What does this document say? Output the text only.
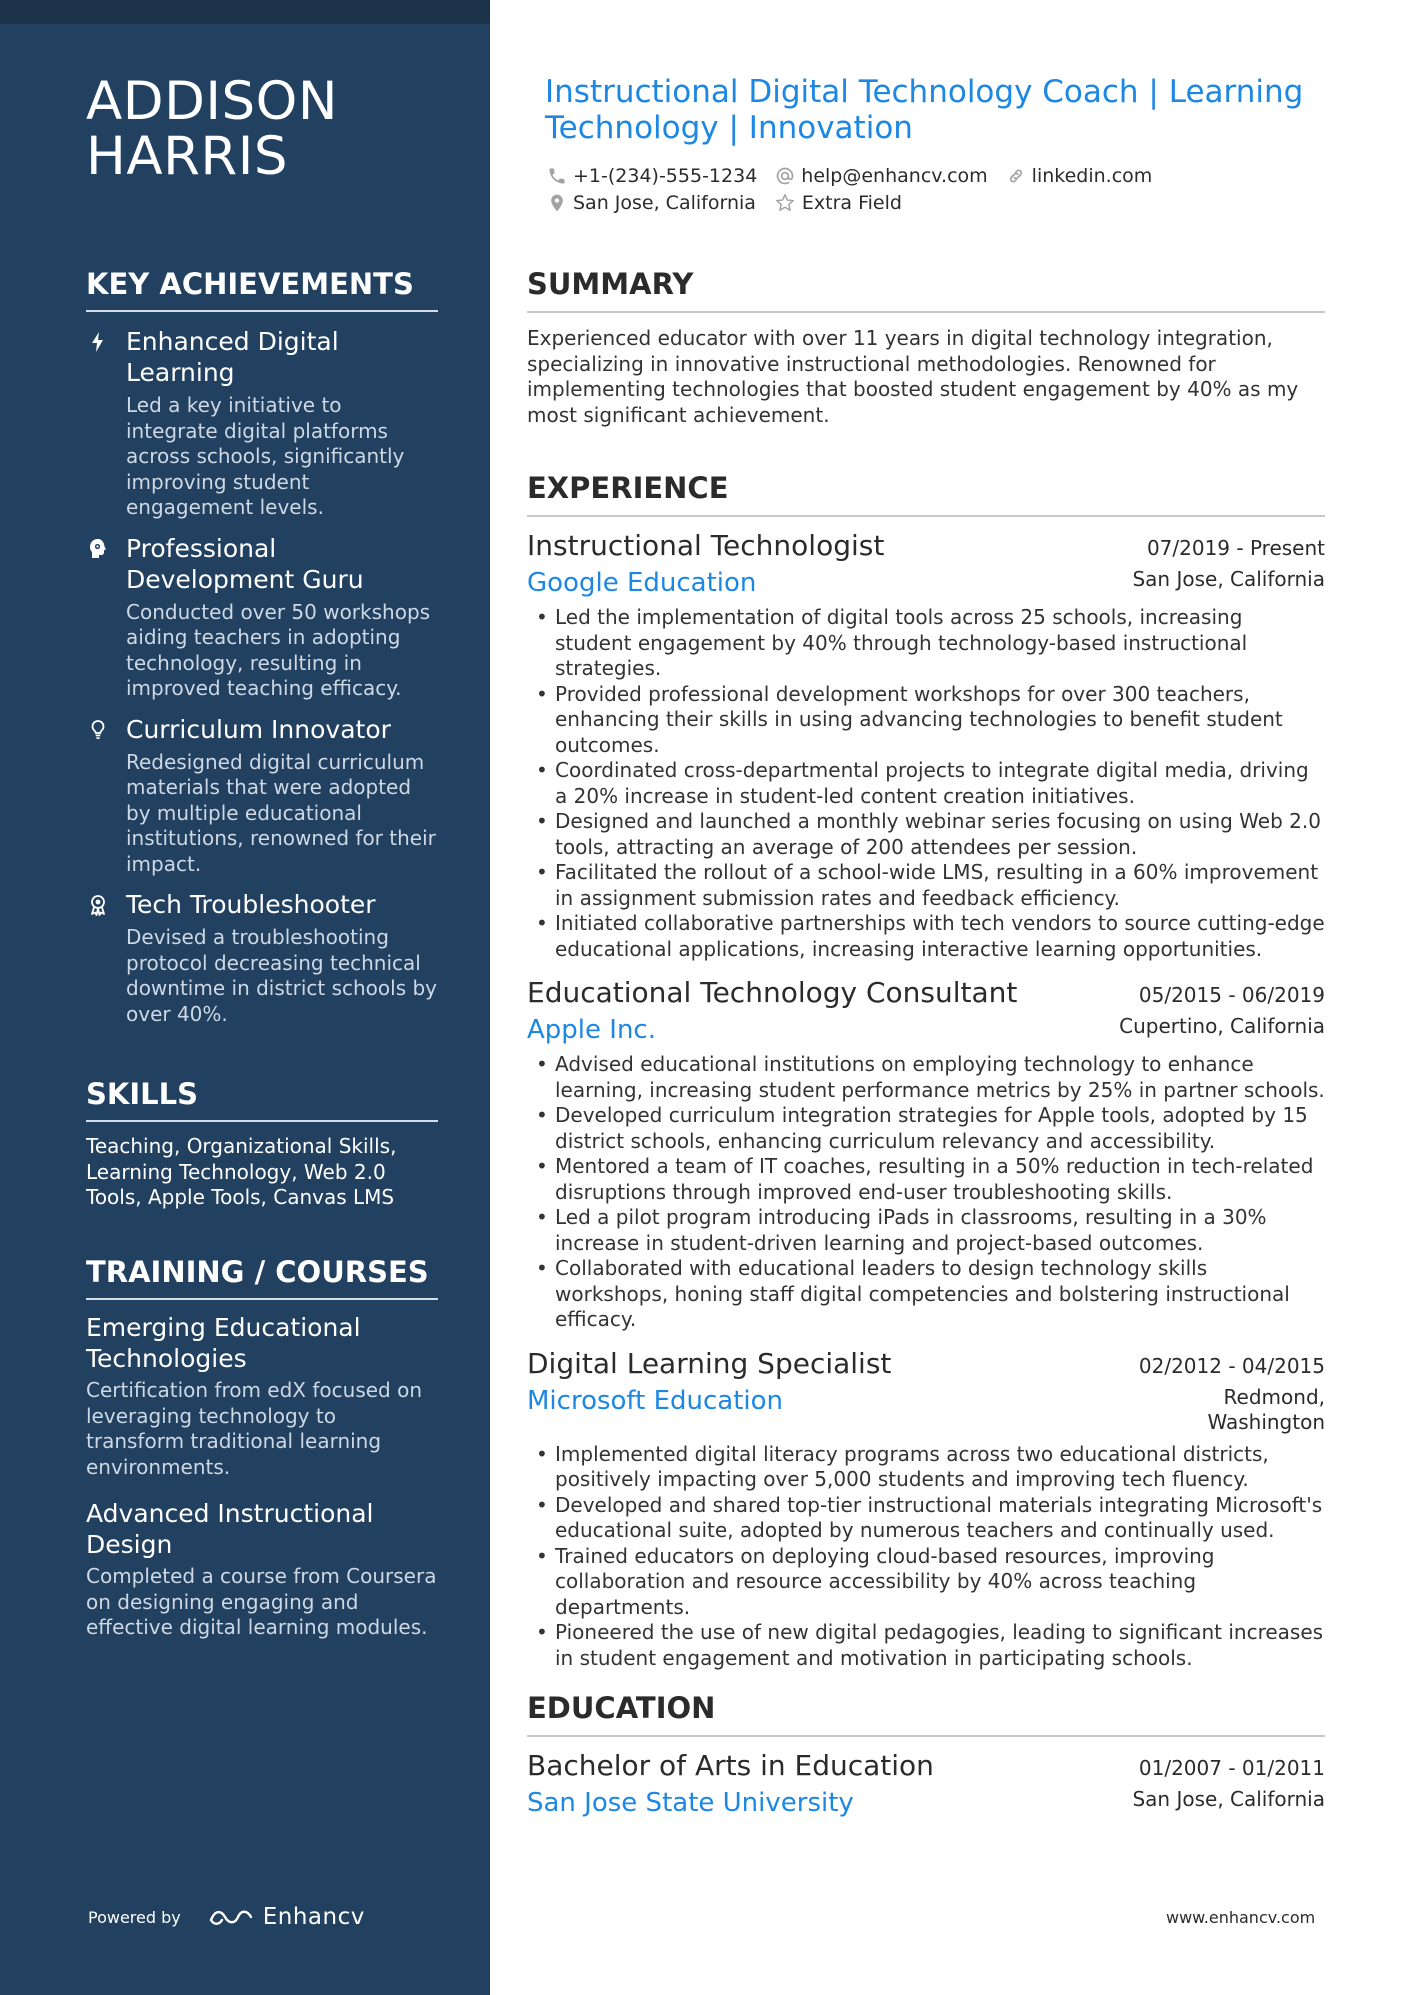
ADDISON
HARRIS
KEY ACHIEVEMENTS
Enhanced Digital Learning
Led a key initiative to integrate digital platforms across schools, significantly improving student engagement levels.
Professional Development Guru
Conducted over 50 workshops aiding teachers in adopting technology, resulting in improved teaching efficacy.
Curriculum Innovator
Redesigned digital curriculum materials that were adopted by multiple educational institutions, renowned for their impact.
Tech Troubleshooter
Devised a troubleshooting protocol decreasing technical downtime in district schools by over 40%.
SKILLS
Teaching, Organizational Skills, Learning Technology, Web 2.0 Tools, Apple Tools, Canvas LMS
TRAINING / COURSES
Emerging Educational Technologies
Certification from edX focused on leveraging technology to transform traditional learning environments.
Advanced Instructional Design
Completed a course from Coursera on designing engaging and effective digital learning modules.
Powered by	Enhancv
Instructional Digital Technology Coach | Learning Technology | Innovation
+1-(234)-555-1234 help@enhancv.com linkedin.com
San Jose, California Extra Field
SUMMARY

Experienced educator with over 11 years in digital technology integration, specializing in innovative instructional methodologies. Renowned for implementing technologies that boosted student engagement by 40% as my most significant achievement.

EXPERIENCE
Instructional Technologist	07/2019 - Present
Google Education	San Jose, California
• Led the implementation of digital tools across 25 schools, increasing student engagement by 40% through technology-based instructional strategies.
• Provided professional development workshops for over 300 teachers, enhancing their skills in using advancing technologies to benefit student outcomes.
• Coordinated cross-departmental projects to integrate digital media, driving a 20% increase in student-led content creation initiatives.
• Designed and launched a monthly webinar series focusing on using Web 2.0 tools, attracting an average of 200 attendees per session.
• Facilitated the rollout of a school-wide LMS, resulting in a 60% improvement in assignment submission rates and feedback efficiency.
• Initiated collaborative partnerships with tech vendors to source cutting-edge educational applications, increasing interactive learning opportunities.
Educational Technology Consultant	05/2015 - 06/2019
Apple Inc.	Cupertino, California
• Advised educational institutions on employing technology to enhance learning, increasing student performance metrics by 25% in partner schools.
• Developed curriculum integration strategies for Apple tools, adopted by 15 district schools, enhancing curriculum relevancy and accessibility.
• Mentored a team of IT coaches, resulting in a 50% reduction in tech-related disruptions through improved end-user troubleshooting skills.
• Led a pilot program introducing iPads in classrooms, resulting in a 30% increase in student-driven learning and project-based outcomes.
• Collaborated with educational leaders to design technology skills workshops, honing staff digital competencies and bolstering instructional efficacy.
Digital Learning Specialist	02/2012 - 04/2015
Microsoft Education	Redmond, Washington
• Implemented digital literacy programs across two educational districts, positively impacting over 5,000 students and improving tech fluency.
• Developed and shared top-tier instructional materials integrating Microsoft's educational suite, adopted by numerous teachers and continually used.
• Trained educators on deploying cloud-based resources, improving collaboration and resource accessibility by 40% across teaching departments.
• Pioneered the use of new digital pedagogies, leading to significant increases in student engagement and motivation in participating schools.
EDUCATION
Bachelor of Arts in Education	01/2007 - 01/2011
San Jose State University	San Jose, California
www.enhancv.com
